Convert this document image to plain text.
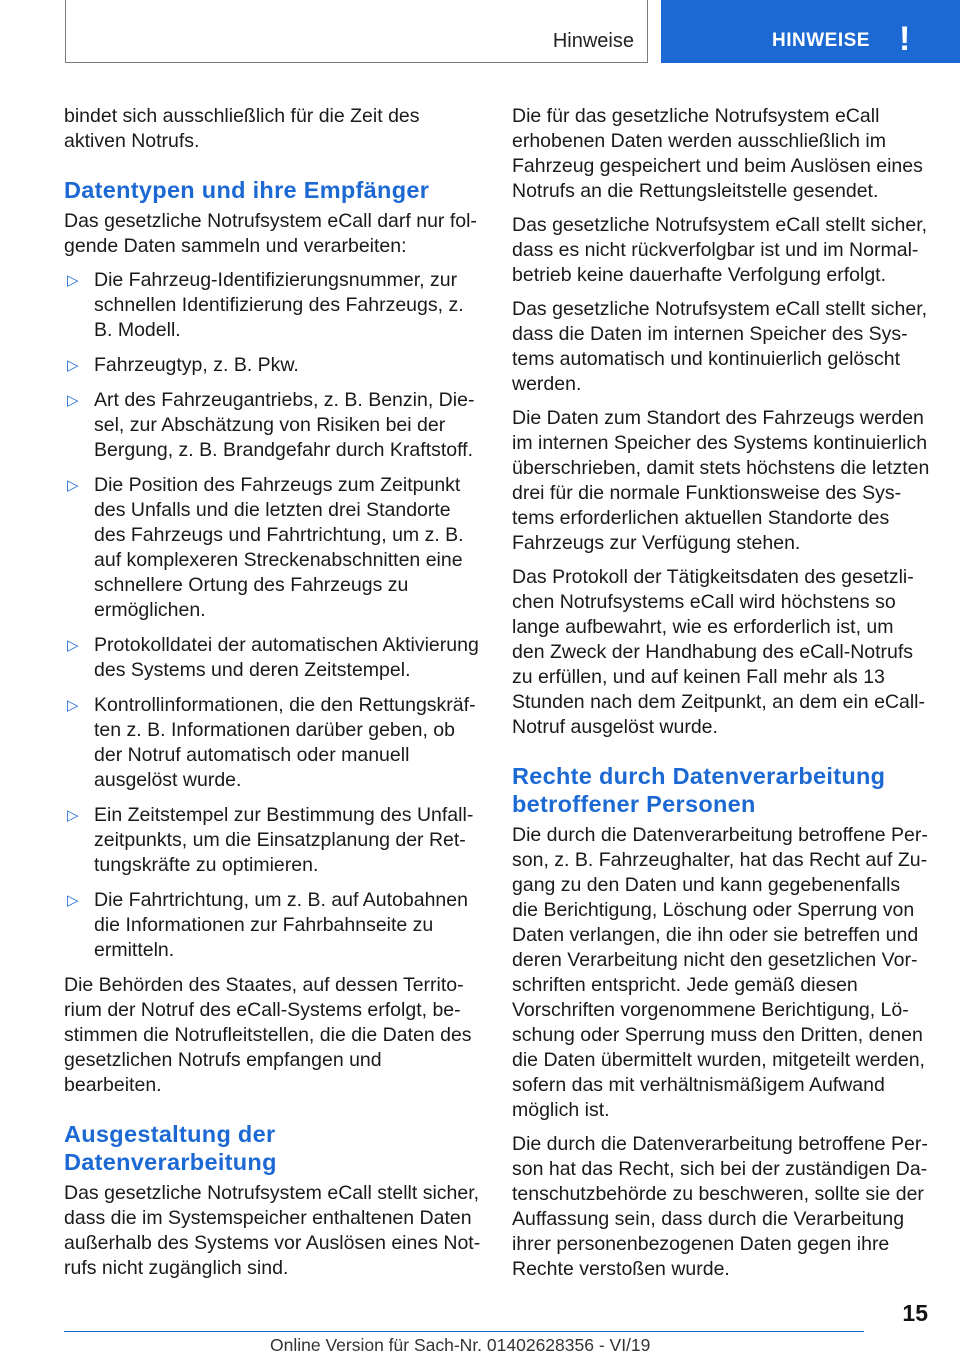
Hinweise	HINWEISE !

bindet sich ausschließlich für die Zeit des aktiven Notrufs.

Datentypen und ihre Empfänger

Das gesetzliche Notrufsystem eCall darf nur folgende Daten sammeln und verarbeiten:

▷ Die Fahrzeug-Identifizierungsnummer, zur schnellen Identifizierung des Fahrzeugs, z. B. Modell.
▷ Fahrzeugtyp, z. B. Pkw.
▷ Art des Fahrzeugantriebs, z. B. Benzin, Diesel, zur Abschätzung von Risiken bei der Bergung, z. B. Brandgefahr durch Kraftstoff.
▷ Die Position des Fahrzeugs zum Zeitpunkt des Unfalls und die letzten drei Standorte des Fahrzeugs und Fahrtrichtung, um z. B. auf komplexeren Streckenabschnitten eine schnellere Ortung des Fahrzeugs zu ermöglichen.
▷ Protokolldatei der automatischen Aktivierung des Systems und deren Zeitstempel.
▷ Kontrollinformationen, die den Rettungskräften z. B. Informationen darüber geben, ob der Notruf automatisch oder manuell ausgelöst wurde.
▷ Ein Zeitstempel zur Bestimmung des Unfallzeitpunkts, um die Einsatzplanung der Rettungskräfte zu optimieren.
▷ Die Fahrtrichtung, um z. B. auf Autobahnen die Informationen zur Fahrbahnseite zu ermitteln.

Die Behörden des Staates, auf dessen Territorium der Notruf des eCall-Systems erfolgt, bestimmen die Notrufleitstellen, die die Daten des gesetzlichen Notrufs empfangen und bearbeiten.

Ausgestaltung der Datenverarbeitung

Das gesetzliche Notrufsystem eCall stellt sicher, dass die im Systemspeicher enthaltenen Daten außerhalb des Systems vor Auslösen eines Notrufs nicht zugänglich sind.

Die für das gesetzliche Notrufsystem eCall erhobenen Daten werden ausschließlich im Fahrzeug gespeichert und beim Auslösen eines Notrufs an die Rettungsleitstelle gesendet.

Das gesetzliche Notrufsystem eCall stellt sicher, dass es nicht rückverfolgbar ist und im Normalbetrieb keine dauerhafte Verfolgung erfolgt.

Das gesetzliche Notrufsystem eCall stellt sicher, dass die Daten im internen Speicher des Systems automatisch und kontinuierlich gelöscht werden.

Die Daten zum Standort des Fahrzeugs werden im internen Speicher des Systems kontinuierlich überschrieben, damit stets höchstens die letzten drei für die normale Funktionsweise des Systems erforderlichen aktuellen Standorte des Fahrzeugs zur Verfügung stehen.

Das Protokoll der Tätigkeitsdaten des gesetzlichen Notrufsystems eCall wird höchstens so lange aufbewahrt, wie es erforderlich ist, um den Zweck der Handhabung des eCall-Notrufs zu erfüllen, und auf keinen Fall mehr als 13 Stunden nach dem Zeitpunkt, an dem ein eCall-Notruf ausgelöst wurde.

Rechte durch Datenverarbeitung betroffener Personen

Die durch die Datenverarbeitung betroffene Person, z. B. Fahrzeughalter, hat das Recht auf Zugang zu den Daten und kann gegebenenfalls die Berichtigung, Löschung oder Sperrung von Daten verlangen, die ihn oder sie betreffen und deren Verarbeitung nicht den gesetzlichen Vorschriften entspricht. Jede gemäß diesen Vorschriften vorgenommene Berichtigung, Löschung oder Sperrung muss den Dritten, denen die Daten übermittelt wurden, mitgeteilt werden, sofern das mit verhältnismäßigem Aufwand möglich ist.

Die durch die Datenverarbeitung betroffene Person hat das Recht, sich bei der zuständigen Datenschutzbehörde zu beschweren, sollte sie der Auffassung sein, dass durch die Verarbeitung ihrer personenbezogenen Daten gegen ihre Rechte verstoßen wurde.

15
Online Version für Sach-Nr. 01402628356 - VI/19
